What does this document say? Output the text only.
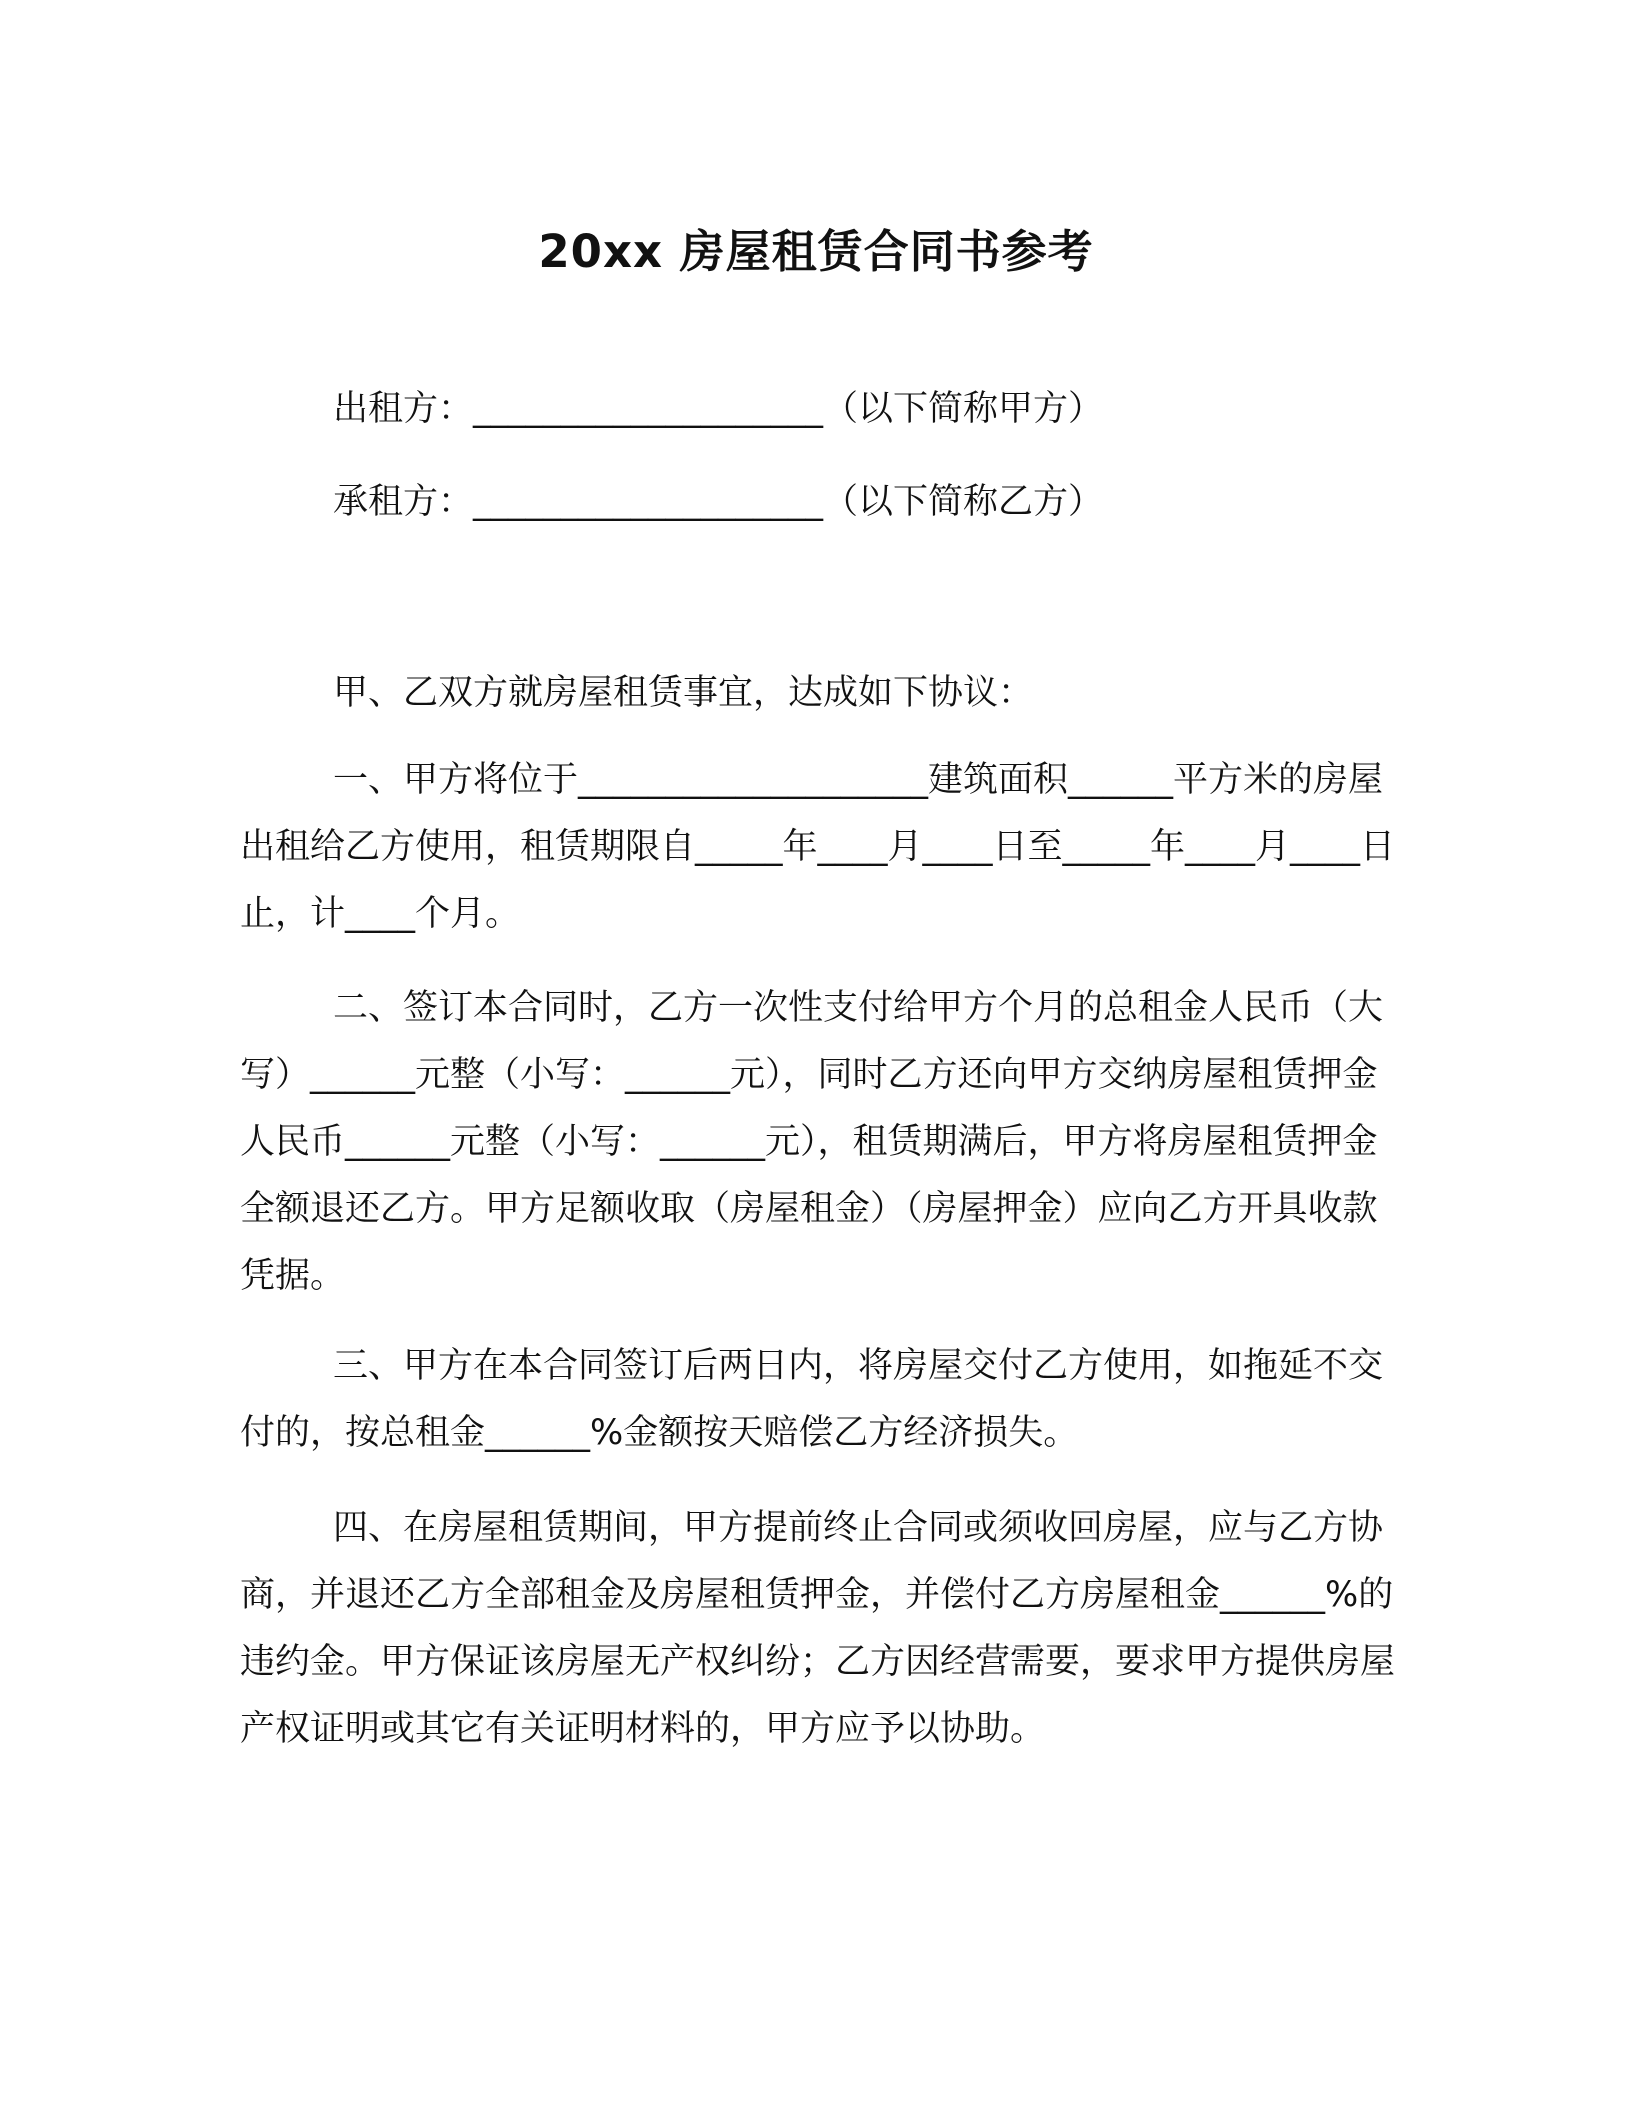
20xx 房屋租赁合同书参考
出租方：____________________（以下简称甲方）
承租方：____________________（以下简称乙方）

甲、乙双方就房屋租赁事宜，达成如下协议：

一、甲方将位于____________________建筑面积______平方米的房屋出租给乙方使用，租赁期限自_____年____月____日至_____年____月____日止，计____个月。

二、签订本合同时，乙方一次性支付给甲方个月的总租金人民币（大写）______元整（小写：______元），同时乙方还向甲方交纳房屋租赁押金人民币______元整（小写：______元），租赁期满后，甲方将房屋租赁押金全额退还乙方。甲方足额收取（房屋租金）（房屋押金）应向乙方开具收款凭据。

三、甲方在本合同签订后两日内，将房屋交付乙方使用，如拖延不交付的，按总租金______%金额按天赔偿乙方经济损失。

四、在房屋租赁期间，甲方提前终止合同或须收回房屋，应与乙方协商，并退还乙方全部租金及房屋租赁押金，并偿付乙方房屋租金______%的违约金。甲方保证该房屋无产权纠纷；乙方因经营需要，要求甲方提供房屋产权证明或其它有关证明材料的，甲方应予以协助。
